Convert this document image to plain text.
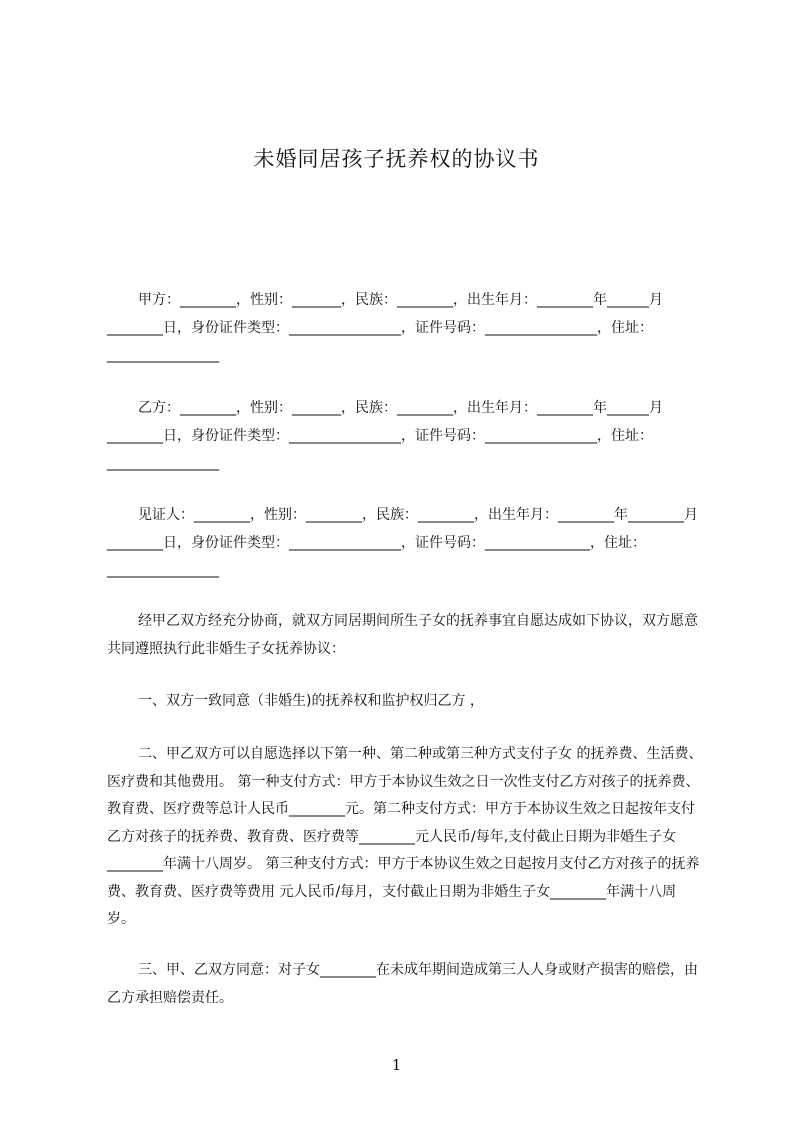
未婚同居孩子抚养权的协议书

甲方：________，性别：_______，民族：________，出生年月：________年______月________日，身份证件类型：________________，证件号码：________________，住址：________________

乙方：________，性别：_______，民族：________，出生年月：________年______月________日，身份证件类型：________________，证件号码：________________，住址：________________

见证人：________，性别：________，民族：________，出生年月：________年________月________日，身份证件类型：________________，证件号码：_______________，住址：________________

经甲乙双方经充分协商，就双方同居期间所生子女的抚养事宜自愿达成如下协议，双方愿意共同遵照执行此非婚生子女抚养协议：

一、双方一致同意（非婚生)的抚养权和监护权归乙方 ，

二、甲乙双方可以自愿选择以下第一种、第二种或第三种方式支付子女 的抚养费、生活费、医疗费和其他费用。 第一种支付方式：甲方于本协议生效之日一次性支付乙方对孩子的抚养费、教育费、医疗费等总计人民币________元。第二种支付方式：甲方于本协议生效之日起按年支付乙方对孩子的抚养费、教育费、医疗费等________元人民币/每年,支付截止日期为非婚生子女________年满十八周岁。 第三种支付方式：甲方于本协议生效之日起按月支付乙方对孩子的抚养费、教育费、医疗费等费用 元人民币/每月，支付截止日期为非婚生子女________年满十八周岁。

三、甲、乙双方同意：对子女________在未成年期间造成第三人人身或财产损害的赔偿，由乙方承担赔偿责任。

1
